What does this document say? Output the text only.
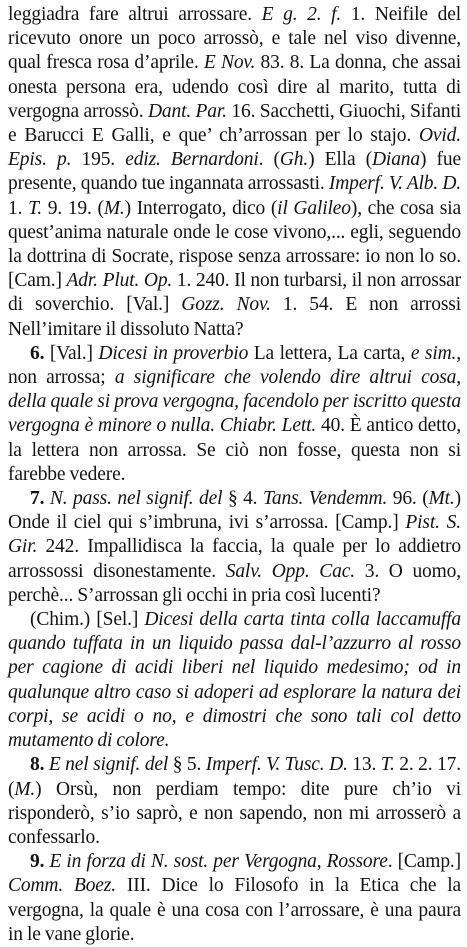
leggiadra fare altrui arrossare. E g. 2. f. 1. Neifile del ricevuto onore un poco arrossò, e tale nel viso divenne, qual fresca rosa d’aprile. E Nov. 83. 8. La donna, che assai onesta persona era, udendo così dire al marito, tutta di vergogna arrossò. Dant. Par. 16. Sacchetti, Giuochi, Sifanti e Barucci E Galli, e que’ ch’arrossan per lo stajo. Ovid. Epis. p. 195. ediz. Bernardoni. (Gh.) Ella (Diana) fue presente, quando tue ingannata arrossasti. Imperf. V. Alb. D. 1. T. 9. 19. (M.) Interrogato, dico (il Galileo), che cosa sia quest’anima naturale onde le cose vivono,... egli, seguendo la dottrina di Socrate, rispose senza arrossare: io non lo so. [Cam.] Adr. Plut. Op. 1. 240. Il non turbarsi, il non arrossar di soverchio. [Val.] Gozz. Nov. 1. 54. E non arrossi Nell’imitare il dissoluto Natta?

6. [Val.] Dicesi in proverbio La lettera, La carta, e sim., non arrossa; a significare che volendo dire altrui cosa, della quale si prova vergogna, facendolo per iscritto questa vergogna è minore o nulla. Chiabr. Lett. 40. È antico detto, la lettera non arrossa. Se ciò non fosse, questa non si farebbe vedere.

7. N. pass. nel signif. del § 4. Tans. Vendemm. 96. (Mt.) Onde il ciel qui s’imbruna, ivi s’arrossa. [Camp.] Pist. S. Gir. 242. Impallidisca la faccia, la quale per lo addietro arrossossi disonestamente. Salv. Opp. Cac. 3. O uomo, perchè... S’arrossan gli occhi in pria così lucenti?

(Chim.) [Sel.] Dicesi della carta tinta colla laccamuffa quando tuffata in un liquido passa dal-l’azzurro al rosso per cagione di acidi liberi nel liquido medesimo; od in qualunque altro caso si adoperi ad esplorare la natura dei corpi, se acidi o no, e dimostri che sono tali col detto mutamento di colore.

8. E nel signif. del § 5. Imperf. V. Tusc. D. 13. T. 2. 2. 17. (M.) Orsù, non perdiam tempo: dite pure ch’io vi risponderò, s’io saprò, e non sapendo, non mi arrosserò a confessarlo.

9. E in forza di N. sost. per Vergogna, Rossore. [Camp.] Comm. Boez. III. Dice lo Filosofo in la Etica che la vergogna, la quale è una cosa con l’arrossare, è una paura in le vane glorie.
